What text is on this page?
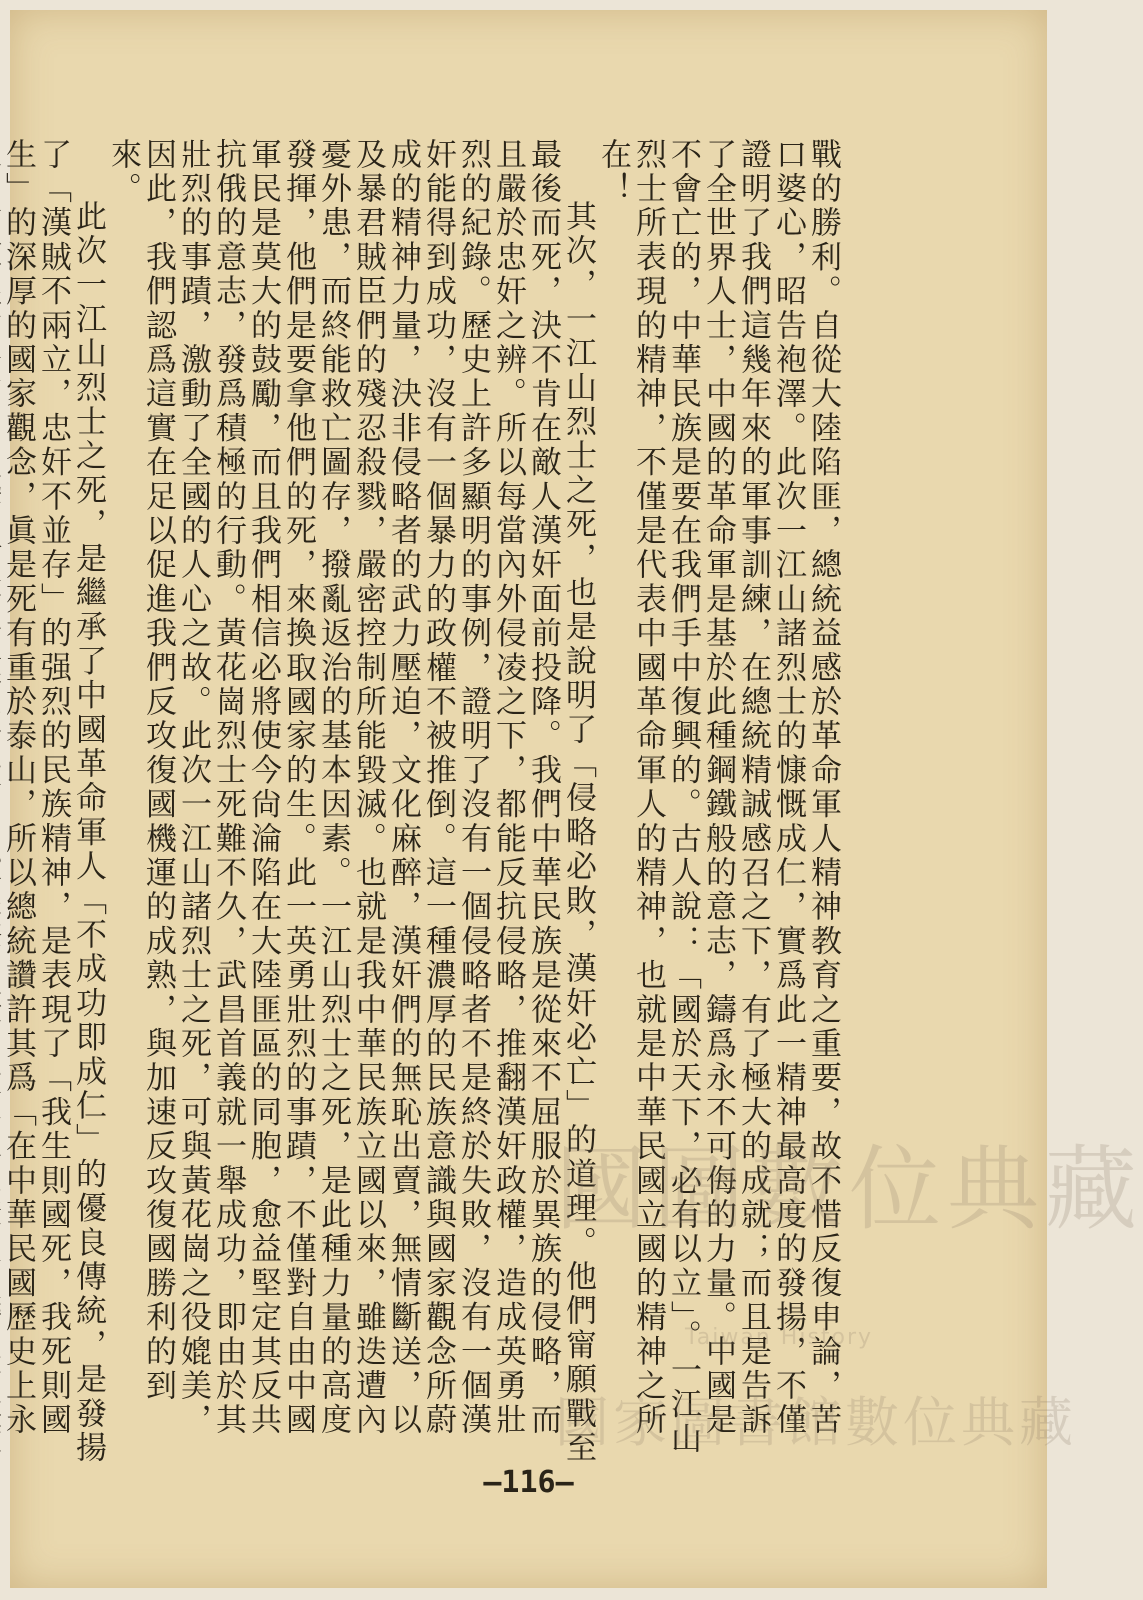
戰的勝利。自從大陸陷匪，總統益感於革命軍人精神教育之重要，故不惜反復申論，苦口婆心，昭告袍澤。此次一江山諸烈士的慷慨成仁，實爲此一精神最高度的發揚，不僅證明了我們這幾年來的軍事訓練，在總統精誠感召之下，有了極大的成就；而且是告訴了全世界人士，中國的革命軍是基於此種鋼鐵般的意志，鑄爲永不可侮的力量。中國是不會亡的，中華民族是要在我們手中復興的。古人說：「國於天下，必有以立」。一江山烈士所表現的精神，不僅是代表中國革命軍人的精神，也就是中華民國立國的精神之所在！

其次，一江山烈士之死，也是說明了「侵略必敗，漢奸必亡」的道理。他們甯願戰至最後而死，決不肯在敵人漢奸面前投降。我們中華民族是從來不屈服於異族的侵略，而且嚴於忠奸之辨。所以每當內外侵凌之下，都能反抗侵略，推翻漢奸政權，造成英勇壯烈的紀錄。歷史上許多顯明的事例，證明了沒有一個侵略者不是終於失敗，沒有一個漢奸能得到成功，沒有一個暴力的政權不被推倒。這一種濃厚的民族意識與國家觀念所蔚成的精神力量，決非侵略者的武力壓迫，文化麻醉，漢奸們的無恥出賣，無情斷送，以及暴君賊臣們的殘忍殺戮，嚴密控制所能毀滅。也就是我中華民族立國以來，雖迭遭內憂外患，而終能救亡圖存，撥亂返治的基本因素。一江山烈士之死，是此種力量的高度發揮，他們是要拿他們的死，來換取國家的生。此一英勇壯烈的事蹟，不僅對自由中國軍民是莫大的鼓勵，而且我們相信必將使今尙淪陷在大陸匪區的同胞，愈益堅定其反共抗俄的意志，發爲積極的行動。黃花崗烈士死難不久，武昌首義就一舉成功，即由於其壯烈的事蹟，激動了全國的人心之故。此次一江山諸烈士之死，可與黃花崗之役媲美，因此，我們認爲這實在足以促進我們反攻復國機運的成熟，與加速反攻復國勝利的到來。

此次一江山烈士之死，是繼承了中國革命軍人「不成功即成仁」的優良傳統，是發揚了「漢賊不兩立，忠奸不並存」的强烈的民族精神，是表現了「我生則國死，我死則國生」的深厚的國家觀念，眞是死有重於泰山，所以總統讚許其爲「在中華民國歷史上永

國圖數位典藏
Taiwan History
國家圖書館數位典藏
—116—
